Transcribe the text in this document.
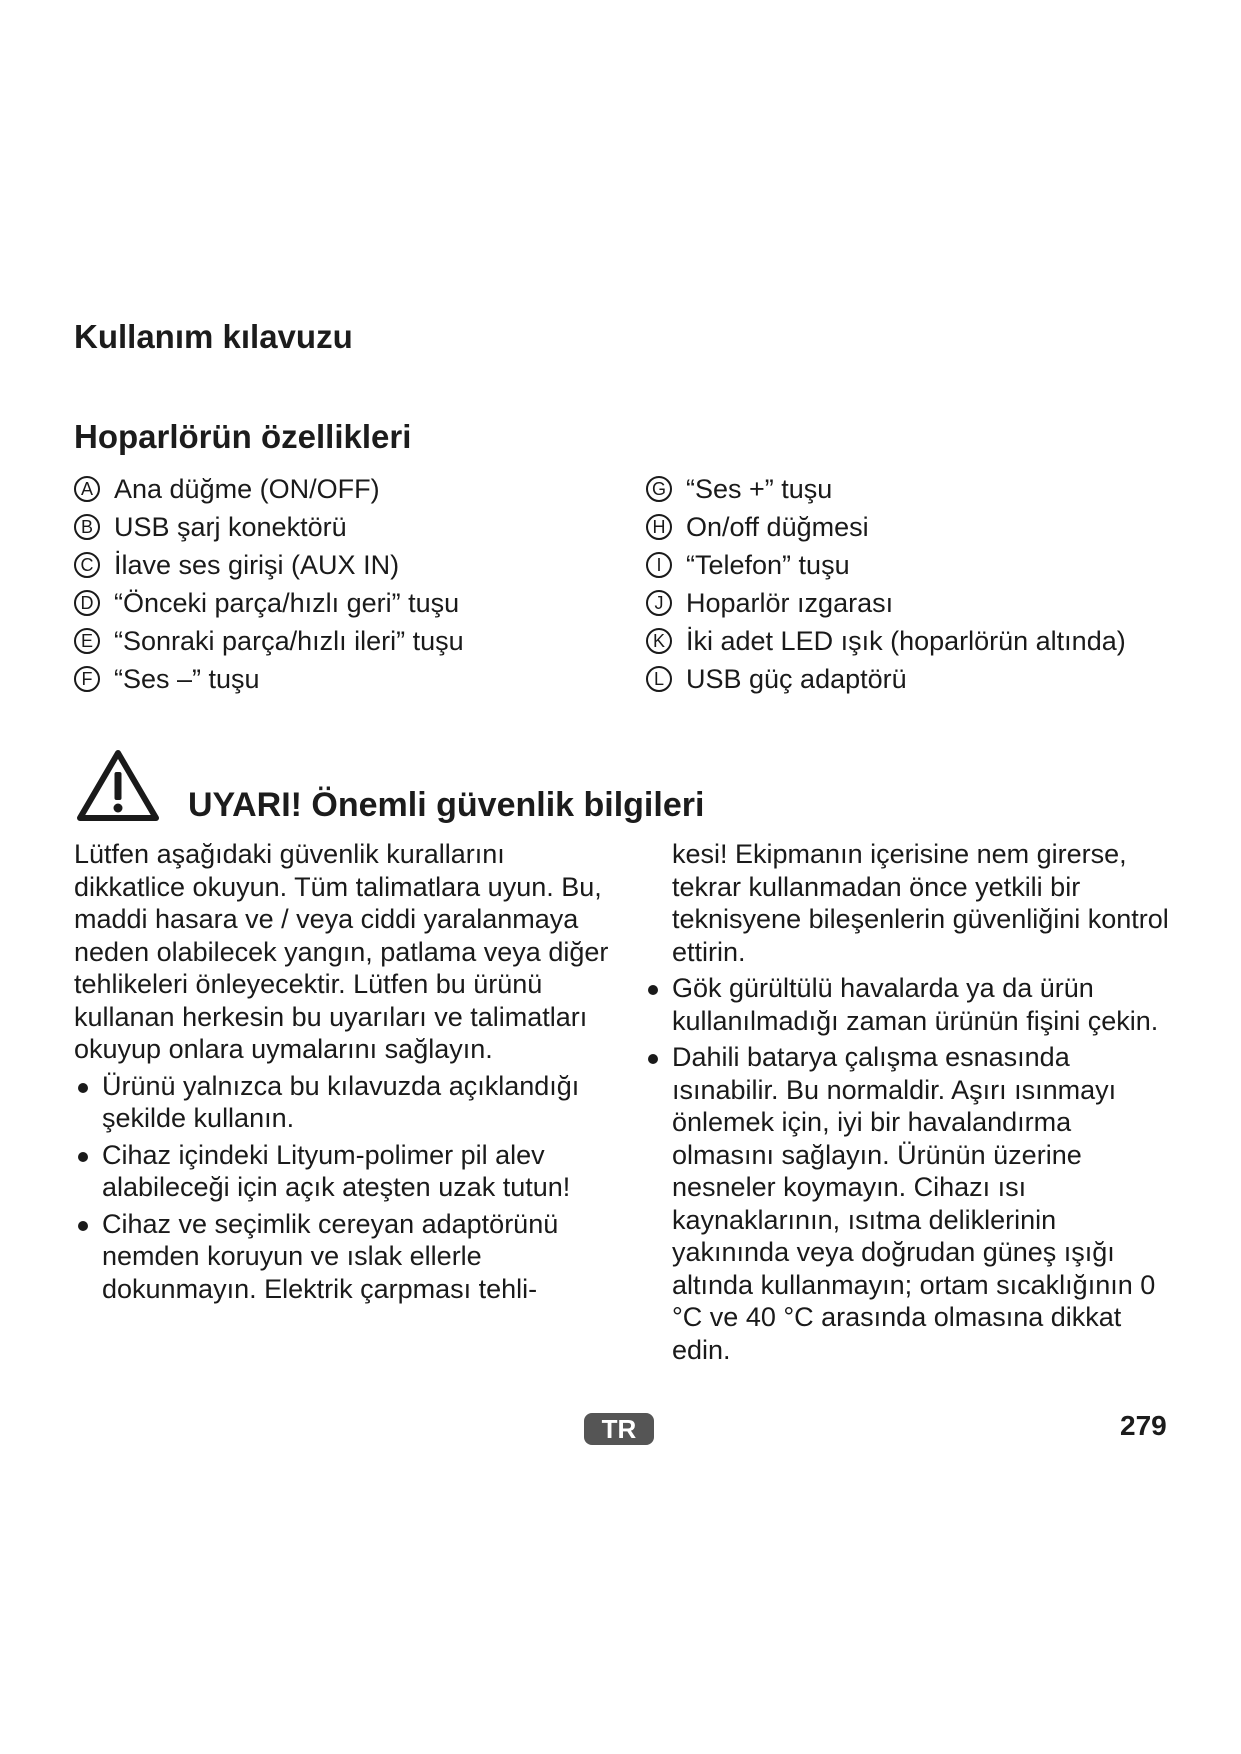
Kullanım kılavuzu
Hoparlörün özellikleri
A Ana düğme (ON/OFF)
B USB şarj konektörü
C İlave ses girişi (AUX IN)
D “Önceki parça/hızlı geri” tuşu
E “Sonraki parça/hızlı ileri” tuşu
F “Ses –” tuşu
G “Ses +” tuşu
H On/off düğmesi
I “Telefon” tuşu
J Hoparlör ızgarası
K İki adet LED ışık (hoparlörün altında)
L USB güç adaptörü
UYARI! Önemli güvenlik bilgileri

Lütfen aşağıdaki güvenlik kurallarını dikkatlice okuyun. Tüm talimatlara uyun. Bu, maddi hasara ve / veya ciddi yaralanmaya neden olabilecek yangın, patlama veya diğer tehlikeleri önleyecektir. Lütfen bu ürünü kullanan herkesin bu uyarıları ve talimatları okuyup onlara uymalarını sağlayın.

Ürünü yalnızca bu kılavuzda açıklandığı şekilde kullanın.
Cihaz içindeki Lityum-polimer pil alev alabileceği için açık ateşten uzak tutun!
Cihaz ve seçimlik cereyan adaptörünü nemden koruyun ve ıslak ellerle dokunmayın. Elektrik çarpması tehli-

kesi! Ekipmanın içerisine nem girerse, tekrar kullanmadan önce yetkili bir teknisyene bileşenlerin güvenliğini kontrol ettirin.

Gök gürültülü havalarda ya da ürün kullanılmadığı zaman ürünün fişini çekin.
Dahili batarya çalışma esnasında ısınabilir. Bu normaldir. Aşırı ısınmayı önlemek için, iyi bir havalandırma olmasını sağlayın. Ürünün üzerine nesneler koymayın. Cihazı ısı kaynaklarının, ısıtma deliklerinin yakınında veya doğrudan güneş ışığı altında kullanmayın; ortam sıcaklığının 0 °C ve 40 °C arasında olmasına dikkat edin.
TR	279
